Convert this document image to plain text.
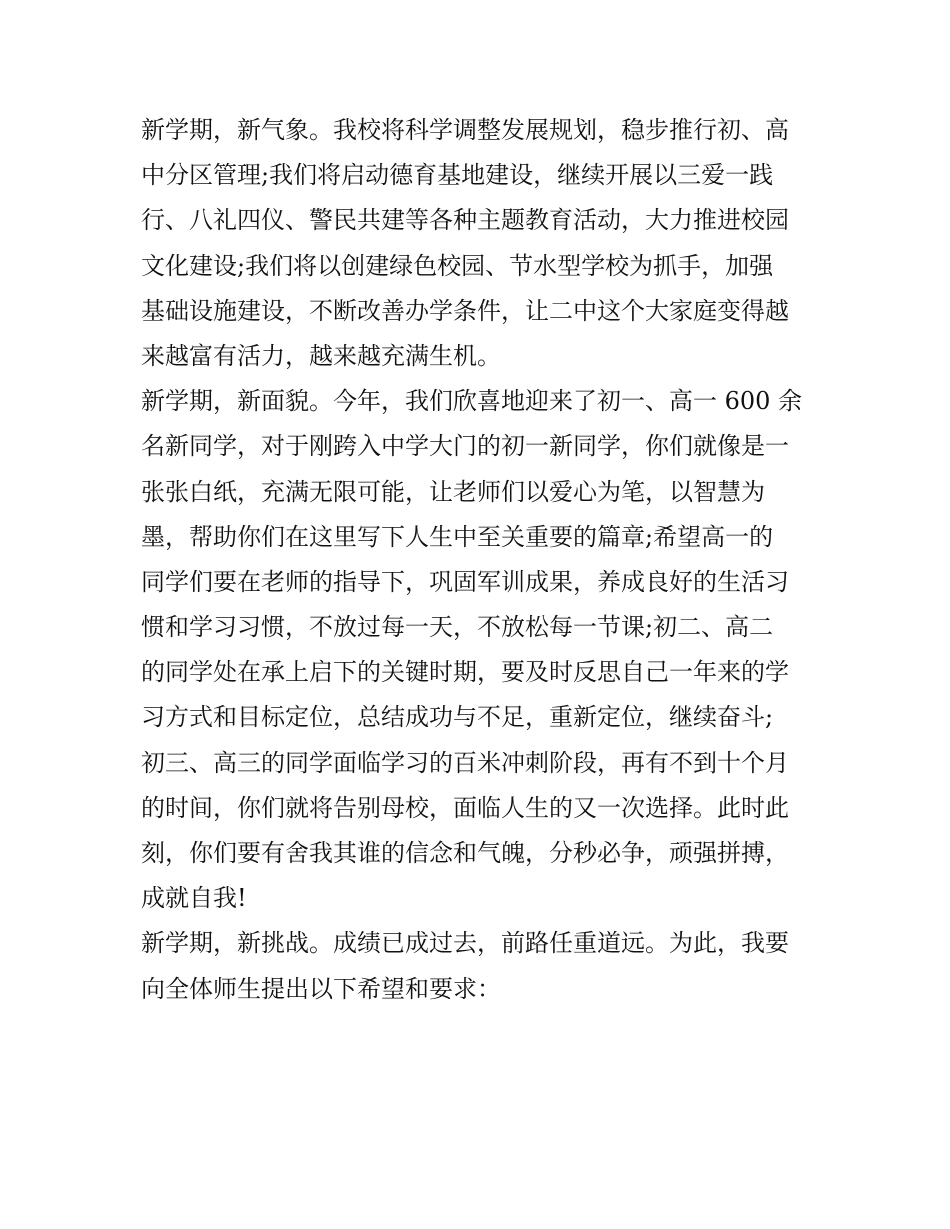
新学期，新气象。我校将科学调整发展规划，稳步推行初、高
中分区管理;我们将启动德育基地建设，继续开展以三爱一践
行、八礼四仪、警民共建等各种主题教育活动，大力推进校园
文化建设;我们将以创建绿色校园、节水型学校为抓手，加强
基础设施建设，不断改善办学条件，让二中这个大家庭变得越
来越富有活力，越来越充满生机。
新学期，新面貌。今年，我们欣喜地迎来了初一、高一 600 余
名新同学，对于刚跨入中学大门的初一新同学，你们就像是一
张张白纸，充满无限可能，让老师们以爱心为笔，以智慧为
墨，帮助你们在这里写下人生中至关重要的篇章;希望高一的
同学们要在老师的指导下，巩固军训成果，养成良好的生活习
惯和学习习惯，不放过每一天，不放松每一节课;初二、高二
的同学处在承上启下的关键时期，要及时反思自己一年来的学
习方式和目标定位，总结成功与不足，重新定位，继续奋斗;
初三、高三的同学面临学习的百米冲刺阶段，再有不到十个月
的时间，你们就将告别母校，面临人生的又一次选择。此时此
刻，你们要有舍我其谁的信念和气魄，分秒必争，顽强拼搏，
成就自我!
新学期，新挑战。成绩已成过去，前路任重道远。为此，我要
向全体师生提出以下希望和要求：
